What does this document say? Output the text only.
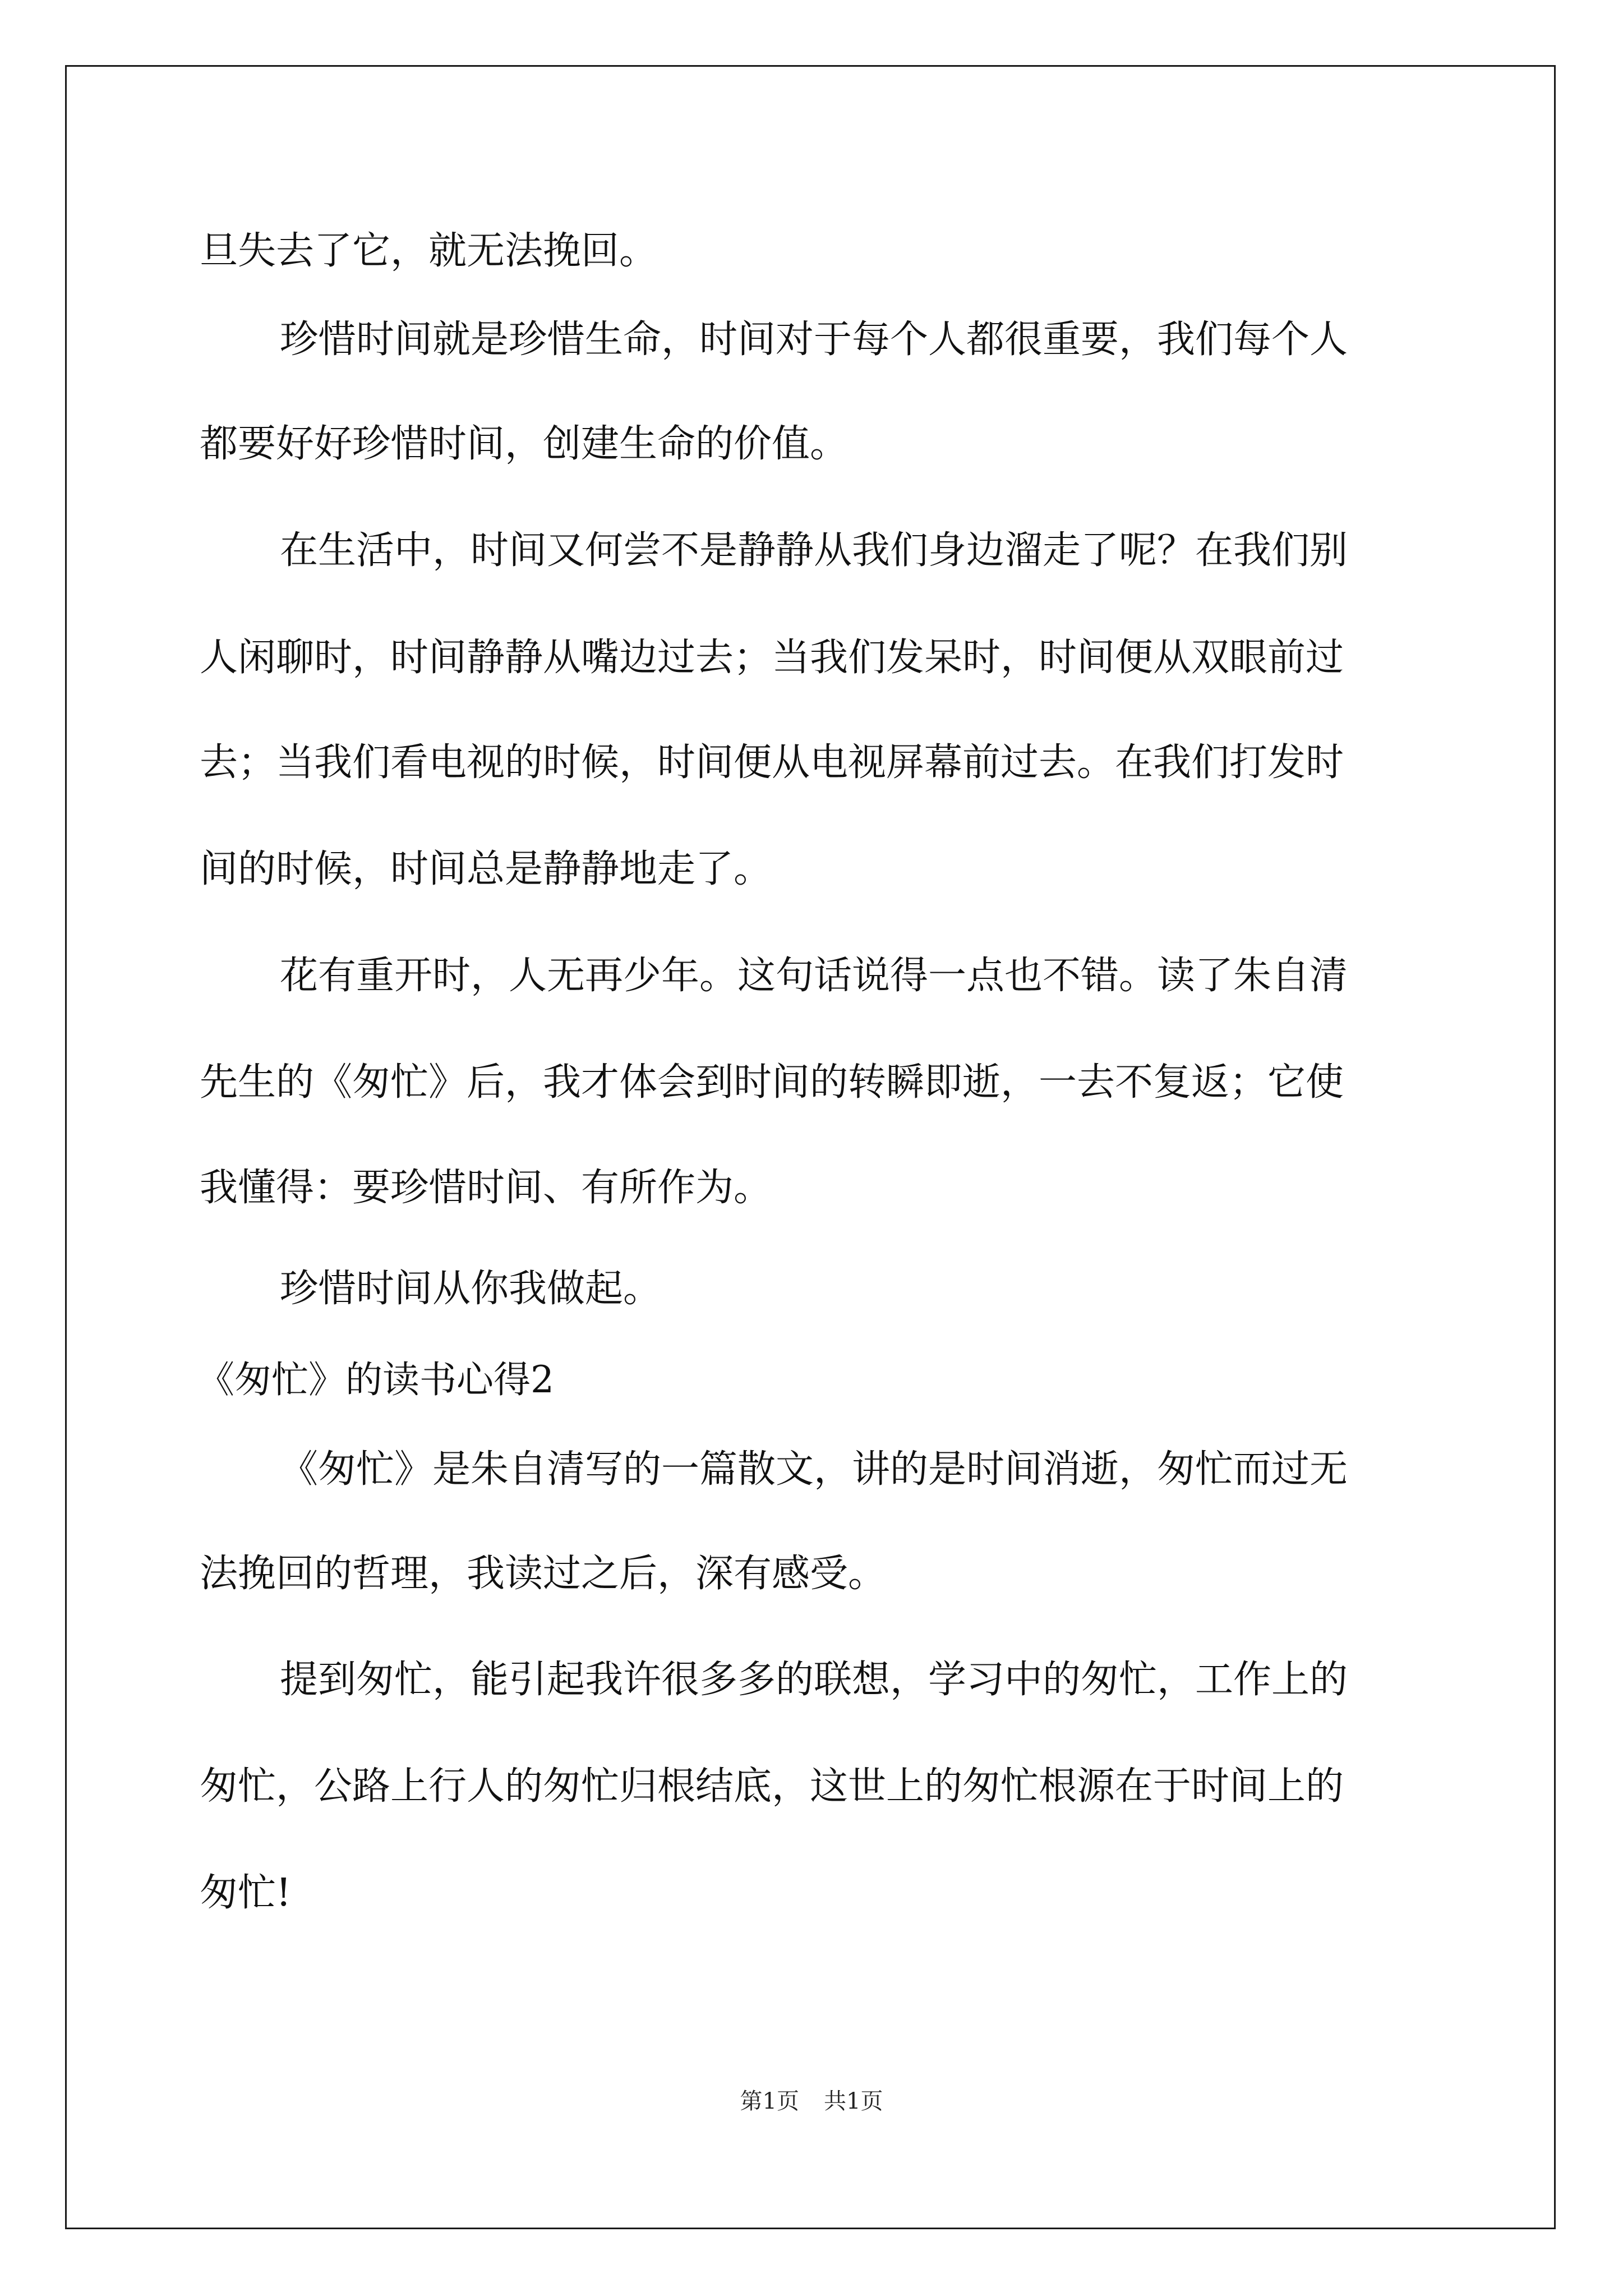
旦失去了它，就无法挽回。
珍惜时间就是珍惜生命，时间对于每个人都很重要，我们每个人
都要好好珍惜时间，创建生命的价值。
在生活中，时间又何尝不是静静从我们身边溜走了呢？在我们别
人闲聊时，时间静静从嘴边过去；当我们发呆时，时间便从双眼前过
去；当我们看电视的时候，时间便从电视屏幕前过去。在我们打发时
间的时候，时间总是静静地走了。
花有重开时，人无再少年。这句话说得一点也不错。读了朱自清
先生的《匆忙》后，我才体会到时间的转瞬即逝，一去不复返；它使
我懂得：要珍惜时间、有所作为。
珍惜时间从你我做起。
《匆忙》的读书心得2
《匆忙》是朱自清写的一篇散文，讲的是时间消逝，匆忙而过无
法挽回的哲理，我读过之后，深有感受。
提到匆忙，能引起我许很多多的联想，学习中的匆忙，工作上的
匆忙，公路上行人的匆忙归根结底，这世上的匆忙根源在于时间上的
匆忙!
第1页 共1页
